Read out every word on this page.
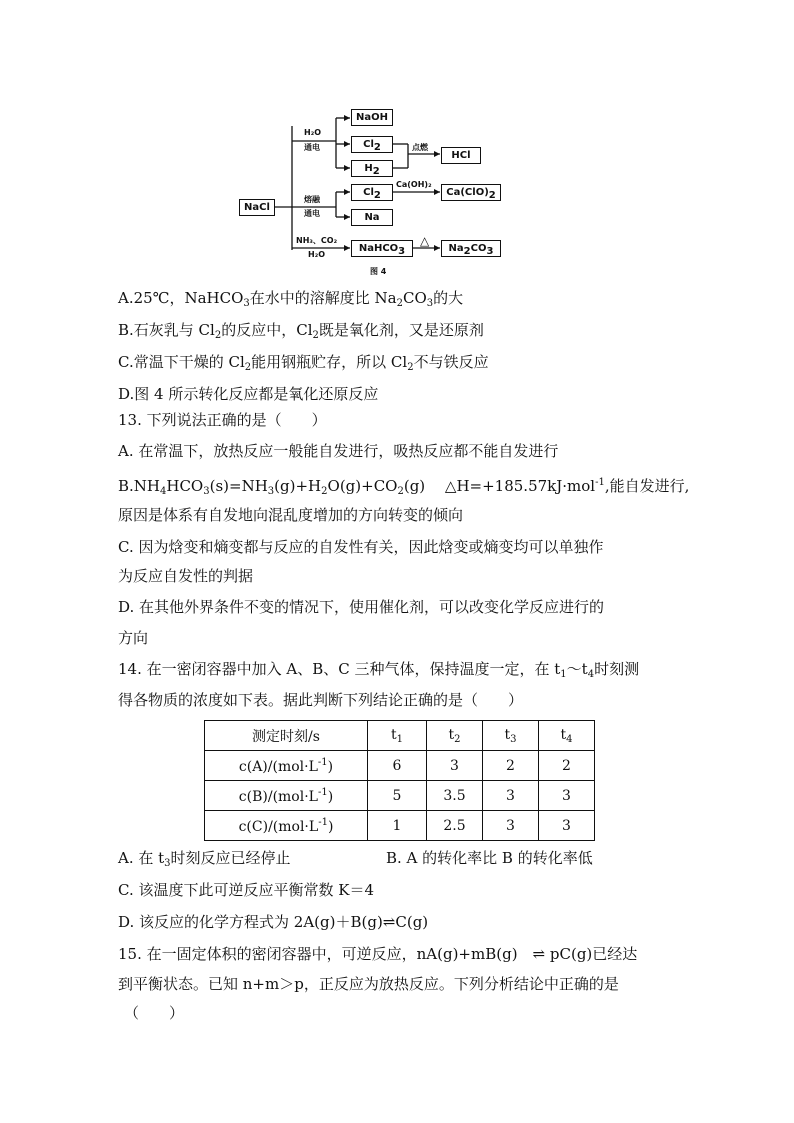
NaCl
NaOH
$Cl_2$
$H_2$
HCl
$Cl_2$
Na
$Ca(ClO)_2$
NaHCO$_3$	$Na_2CO_3$
H₂O
通电	点燃
熔融
通电
Ca(OH)₂
NH₃、CO₂
H₂O
△
图 4
A.25℃，NaHCO$_3$在水中的溶解度比 $Na_2CO_3$的大
B.石灰乳与 $Cl_2$的反应中，$Cl_2$既是氧化剂，又是还原剂
C.常温下干燥的 $Cl_2$能用钢瓶贮存，所以 $Cl_2$不与铁反应
D.图 4 所示转化反应都是氧化还原反应
13. 下列说法正确的是（　　）
A. 在常温下，放热反应一般能自发进行，吸热反应都不能自发进行
$B.NH_4HCO_3(s)=NH_3(g)+H_2O(g)+CO_2(g)$　 △H=+185.57kJ·mol$^{-1}$,能自发进行,
原因是体系有自发地向混乱度增加的方向转变的倾向
C. 因为焓变和熵变都与反应的自发性有关，因此焓变或熵变均可以单独作
为反应自发性的判据
D. 在其他外界条件不变的情况下，使用催化剂，可以改变化学反应进行的
方向
14. 在一密闭容器中加入 A、B、C 三种气体，保持温度一定，在 $t_1\sim t_4$时刻测
得各物质的浓度如下表。据此判断下列结论正确的是（　　）
测定时刻/s	$t_1$	$t_2$	$t_3$	$t_4$
$c(A)/(mol\cdot L^{-1})$	6	3	2	2
$c(B)/(mol\cdot L^{-1})$	5	3.5	3	3
$c(C)/(mol\cdot L^{-1})$	1	2.5	3	3
A. 在 $t_3$时刻反应已经停止	B. A 的转化率比 B 的转化率低
C. 该温度下此可逆反应平衡常数 K＝4
D. 该反应的化学方程式为 2A(g)＋B(g)⇌C(g)
15. 在一固定体积的密闭容器中，可逆反应，nA(g)+mB(g)　⇌ pC(g)已经达
到平衡状态。已知 n+m＞p，正反应为放热反应。下列分析结论中正确的是
（　　）
